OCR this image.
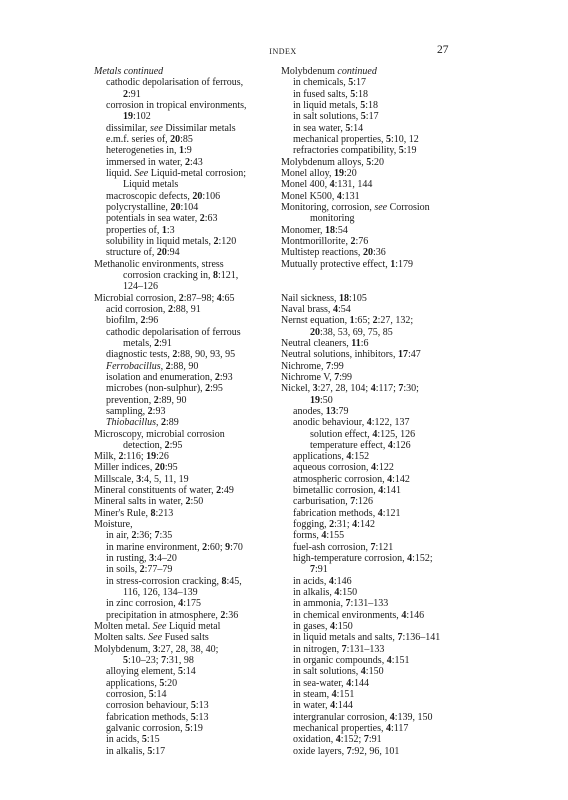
INDEX	27
Metals continued
cathodic depolarisation of ferrous,
2:91
corrosion in tropical environments,
19:102
dissimilar, see Dissimilar metals
e.m.f. series of, 20:85
heterogeneties in, 1:9
immersed in water, 2:43
liquid. See Liquid-metal corrosion;
Liquid metals
macroscopic defects, 20:106
polycrystalline, 20:104
potentials in sea water, 2:63
properties of, 1:3
solubility in liquid metals, 2:120
structure of, 20:94
Methanolic environments, stress
corrosion cracking in, 8:121,
124–126
Microbial corrosion, 2:87–98; 4:65
acid corrosion, 2:88, 91
biofilm, 2:96
cathodic depolarisation of ferrous
metals, 2:91
diagnostic tests, 2:88, 90, 93, 95
Ferrobacillus, 2:88, 90
isolation and enumeration, 2:93
microbes (non-sulphur), 2:95
prevention, 2:89, 90
sampling, 2:93
Thiobacillus, 2:89
Microscopy, microbial corrosion
detection, 2:95
Milk, 2:116; 19:26
Miller indices, 20:95
Millscale, 3:4, 5, 11, 19
Mineral constituents of water, 2:49
Mineral salts in water, 2:50
Miner's Rule, 8:213
Moisture,
in air, 2:36; 7:35
in marine environment, 2:60; 9:70
in rusting, 3:4–20
in soils, 2:77–79
in stress-corrosion cracking, 8:45,
116, 126, 134–139
in zinc corrosion, 4:175
precipitation in atmosphere, 2:36
Molten metal. See Liquid metal
Molten salts. See Fused salts
Molybdenum, 3:27, 28, 38, 40;
5:10–23; 7:31, 98
alloying element, 5:14
applications, 5:20
corrosion, 5:14
corrosion behaviour, 5:13
fabrication methods, 5:13
galvanic corrosion, 5:19
in acids, 5:15
in alkalis, 5:17
Molybdenum continued
in chemicals, 5:17
in fused salts, 5:18
in liquid metals, 5:18
in salt solutions, 5:17
in sea water, 5:14
mechanical properties, 5:10, 12
refractories compatibility, 5:19
Molybdenum alloys, 5:20
Monel alloy, 19:20
Monel 400, 4:131, 144
Monel K500, 4:131
Monitoring, corrosion, see Corrosion
monitoring
Monomer, 18:54
Montmorillorite, 2:76
Multistep reactions, 20:36
Mutually protective effect, 1:179
Nail sickness, 18:105
Naval brass, 4:54
Nernst equation, 1:65; 2:27, 132;
20:38, 53, 69, 75, 85
Neutral cleaners, 11:6
Neutral solutions, inhibitors, 17:47
Nichrome, 7:99
Nichrome V, 7:99
Nickel, 3:27, 28, 104; 4:117; 7:30;
19:50
anodes, 13:79
anodic behaviour, 4:122, 137
solution effect, 4:125, 126
temperature effect, 4:126
applications, 4:152
aqueous corrosion, 4:122
atmospheric corrosion, 4:142
bimetallic corrosion, 4:141
carburisation, 7:126
fabrication methods, 4:121
fogging, 2:31; 4:142
forms, 4:155
fuel-ash corrosion, 7:121
high-temperature corrosion, 4:152;
7:91
in acids, 4:146
in alkalis, 4:150
in ammonia, 7:131–133
in chemical environments, 4:146
in gases, 4:150
in liquid metals and salts, 7:136–141
in nitrogen, 7:131–133
in organic compounds, 4:151
in salt solutions, 4:150
in sea-water, 4:144
in steam, 4:151
in water, 4:144
intergranular corrosion, 4:139, 150
mechanical properties, 4:117
oxidation, 4:152; 7:91
oxide layers, 7:92, 96, 101
